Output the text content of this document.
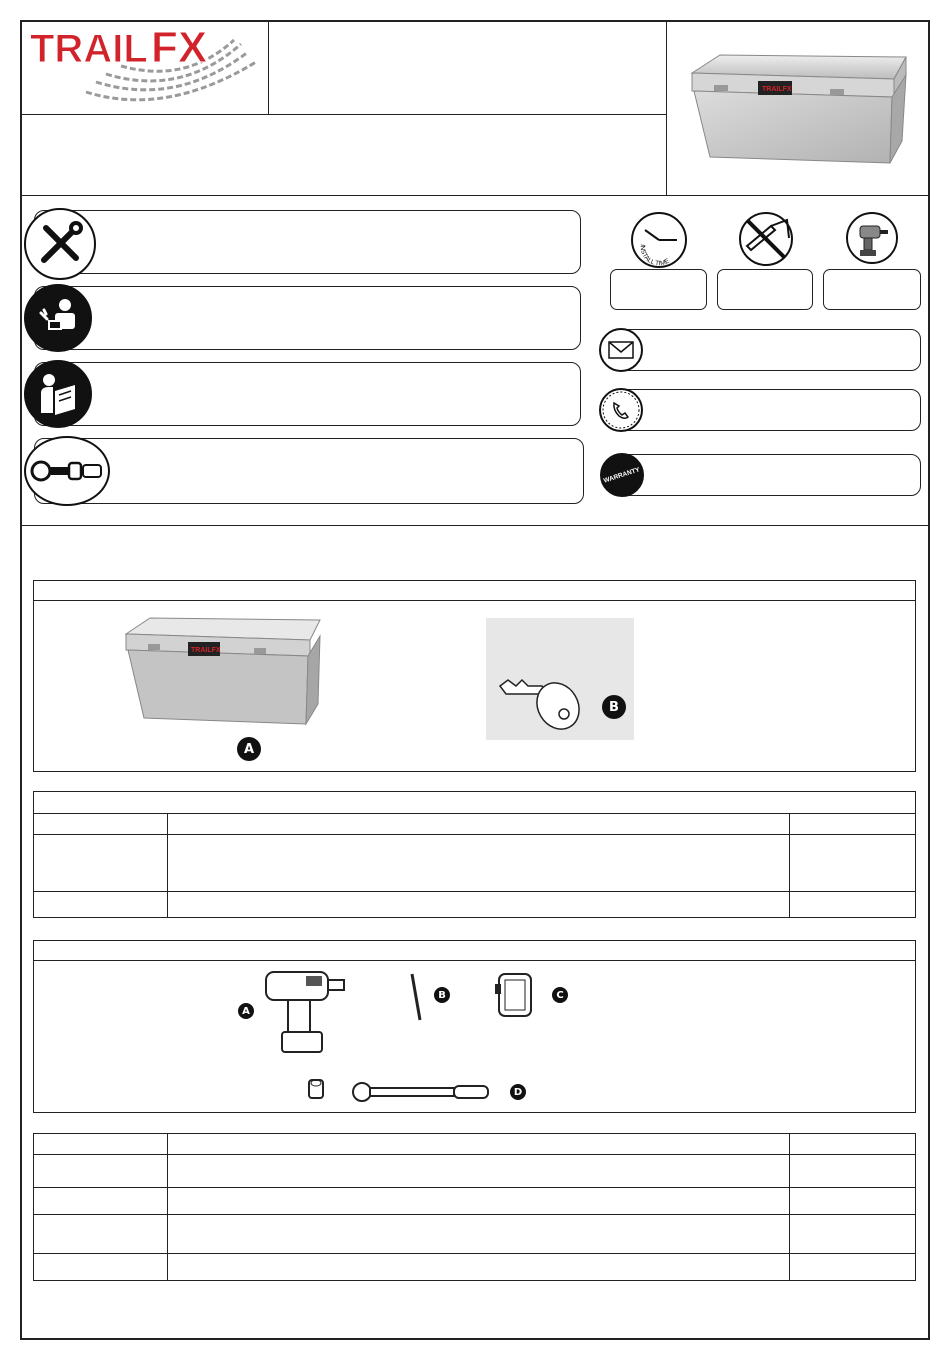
TRAIL FX
TRAILFX
INSTALL TIME
WARRANTY
TRAILFX
A
B

A
B	C
D
